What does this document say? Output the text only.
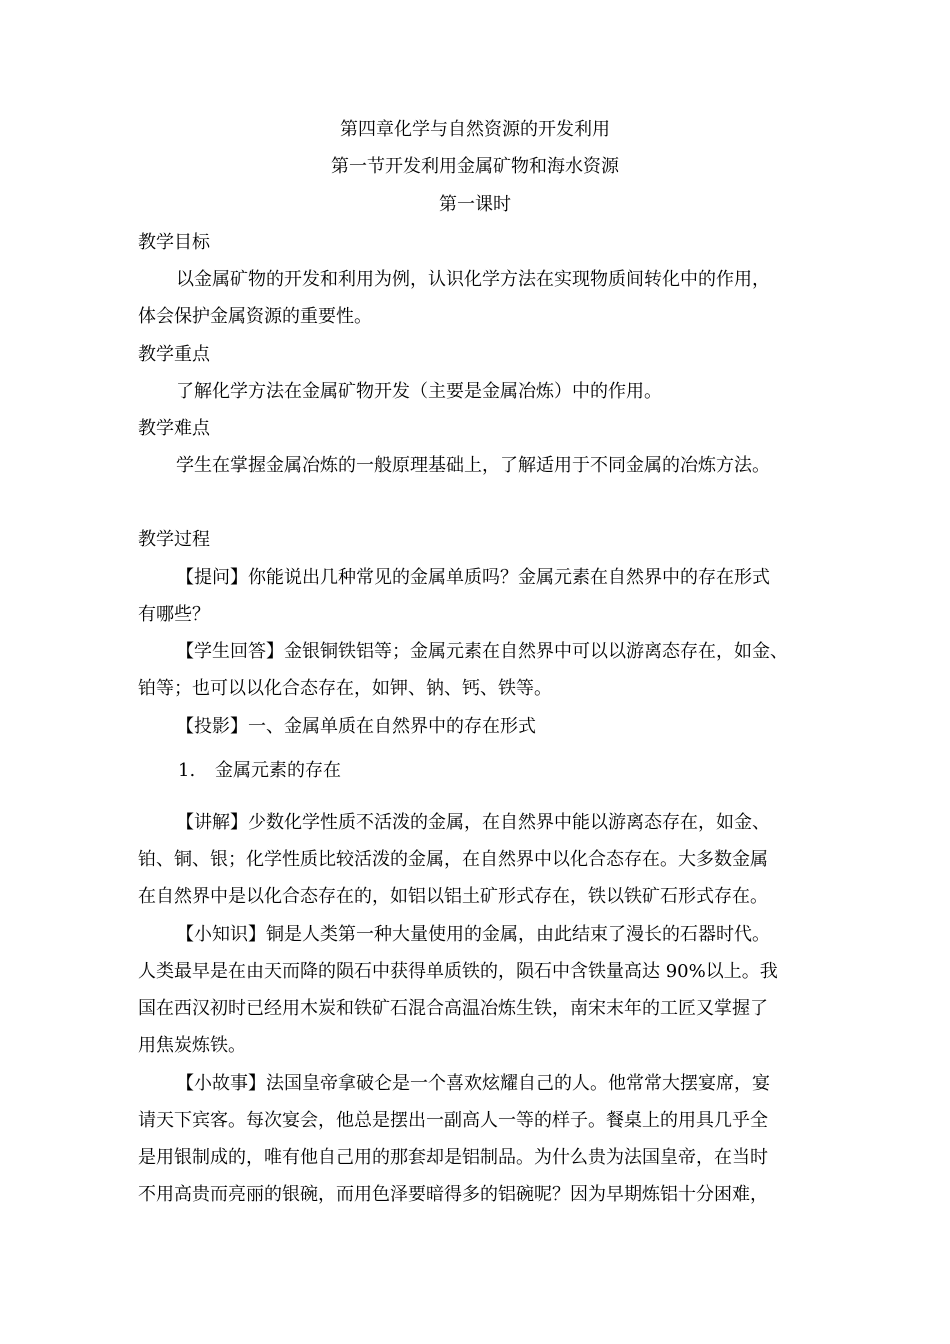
第四章化学与自然资源的开发利用
第一节开发利用金属矿物和海水资源
第一课时
教学目标
以金属矿物的开发和利用为例，认识化学方法在实现物质间转化中的作用，
体会保护金属资源的重要性。
教学重点
了解化学方法在金属矿物开发（主要是金属冶炼）中的作用。
教学难点
学生在掌握金属冶炼的一般原理基础上，了解适用于不同金属的冶炼方法。
教学过程
【提问】你能说出几种常见的金属单质吗？金属元素在自然界中的存在形式
有哪些？
【学生回答】金银铜铁铝等；金属元素在自然界中可以以游离态存在，如金、
铂等；也可以以化合态存在，如钾、钠、钙、铁等。
【投影】一、金属单质在自然界中的存在形式
1. 金属元素的存在
【讲解】少数化学性质不活泼的金属，在自然界中能以游离态存在，如金、
铂、铜、银；化学性质比较活泼的金属，在自然界中以化合态存在。大多数金属
在自然界中是以化合态存在的，如铝以铝土矿形式存在，铁以铁矿石形式存在。
【小知识】铜是人类第一种大量使用的金属，由此结束了漫长的石器时代。
人类最早是在由天而降的陨石中获得单质铁的，陨石中含铁量高达 90%以上。我
国在西汉初时已经用木炭和铁矿石混合高温冶炼生铁，南宋末年的工匠又掌握了
用焦炭炼铁。
【小故事】法国皇帝拿破仑是一个喜欢炫耀自己的人。他常常大摆宴席，宴
请天下宾客。每次宴会，他总是摆出一副高人一等的样子。餐桌上的用具几乎全
是用银制成的，唯有他自己用的那套却是铝制品。为什么贵为法国皇帝，在当时
不用高贵而亮丽的银碗，而用色泽要暗得多的铝碗呢？因为早期炼铝十分困难，
